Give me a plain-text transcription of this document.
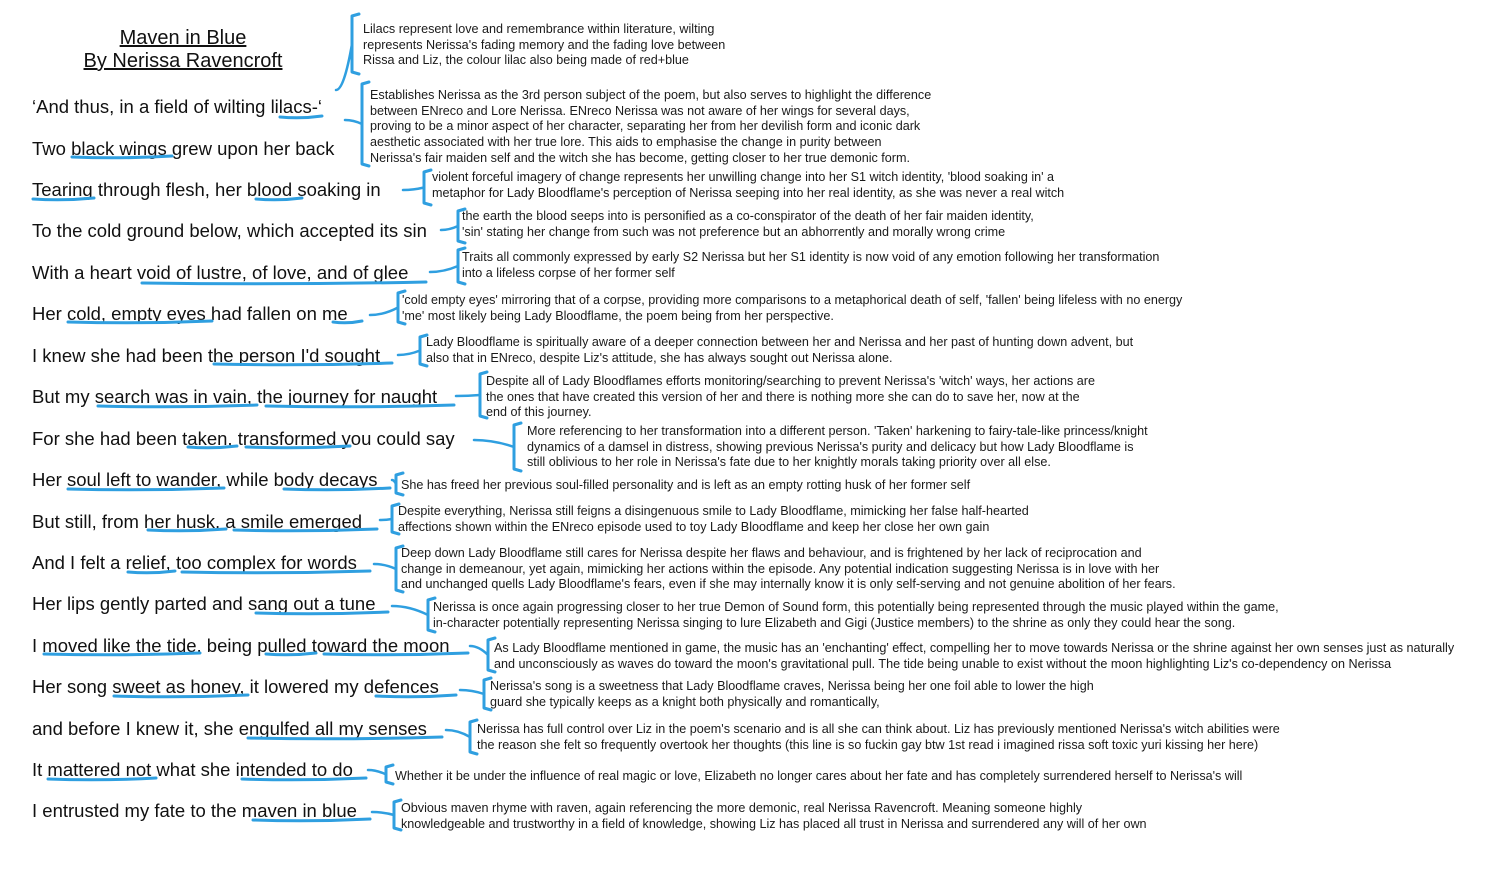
Maven in Blue
By Nerissa Ravencroft
‘And thus, in a field of wilting lilacs-‘
Two black wings grew upon her back
Tearing through flesh, her blood soaking in
To the cold ground below, which accepted its sin
With a heart void of lustre, of love, and of glee
Her cold, empty eyes had fallen on me
I knew she had been the person I'd sought
But my search was in vain, the journey for naught
For she had been taken, transformed you could say
Her soul left to wander, while body decays
But still, from her husk, a smile emerged
And I felt a relief, too complex for words
Her lips gently parted and sang out a tune
I moved like the tide, being pulled toward the moon
Her song sweet as honey, it lowered my defences
and before I knew it, she engulfed all my senses
It mattered not what she intended to do
I entrusted my fate to the maven in blue
Lilacs represent love and remembrance within literature, wilting
represents Nerissa's fading memory and the fading love between
Rissa and Liz, the colour lilac also being made of red+blue
Establishes Nerissa as the 3rd person subject of the poem, but also serves to highlight the difference
between ENreco and Lore Nerissa. ENreco Nerissa was not aware of her wings for several days,
proving to be a minor aspect of her character, separating her from her devilish form and iconic dark
aesthetic associated with her true lore. This aids to emphasise the change in purity between
Nerissa's fair maiden self and the witch she has become, getting closer to her true demonic form.
violent forceful imagery of change represents her unwilling change into her S1 witch identity, 'blood soaking in' a
metaphor for Lady Bloodflame's perception of Nerissa seeping into her real identity, as she was never a real witch
the earth the blood seeps into is personified as a co-conspirator of the death of her fair maiden identity,
'sin' stating her change from such was not preference but an abhorrently and morally wrong crime
Traits all commonly expressed by early S2 Nerissa but her S1 identity is now void of any emotion following her transformation
into a lifeless corpse of her former self
'cold empty eyes' mirroring that of a corpse, providing more comparisons to a metaphorical death of self, 'fallen' being lifeless with no energy
'me' most likely being Lady Bloodflame, the poem being from her perspective.
Lady Bloodflame is spiritually aware of a deeper connection between her and Nerissa and her past of hunting down advent, but
also that in ENreco, despite Liz's attitude, she has always sought out Nerissa alone.
Despite all of Lady Bloodflames efforts monitoring/searching to prevent Nerissa's 'witch' ways, her actions are
the ones that have created this version of her and there is nothing more she can do to save her, now at the
end of this journey.
More referencing to her transformation into a different person. 'Taken' harkening to fairy-tale-like princess/knight
dynamics of a damsel in distress, showing previous Nerissa's purity and delicacy but how Lady Bloodflame is
still oblivious to her role in Nerissa's fate due to her knightly morals taking priority over all else.
She has freed her previous soul-filled personality and is left as an empty rotting husk of her former self
Despite everything, Nerissa still feigns a disingenuous smile to Lady Bloodflame, mimicking her false half-hearted
affections shown within the ENreco episode used to toy Lady Bloodflame and keep her close her own gain
Deep down Lady Bloodflame still cares for Nerissa despite her flaws and behaviour, and is frightened by her lack of reciprocation and
change in demeanour, yet again, mimicking her actions within the episode. Any potential indication suggesting Nerissa is in love with her
and unchanged quells Lady Bloodflame's fears, even if she may internally know it is only self-serving and not genuine abolition of her fears.
Nerissa is once again progressing closer to her true Demon of Sound form, this potentially being represented through the music played within the game,
in-character potentially representing Nerissa singing to lure Elizabeth and Gigi (Justice members) to the shrine as only they could hear the song.
As Lady Bloodflame mentioned in game, the music has an 'enchanting' effect, compelling her to move towards Nerissa or the shrine against her own senses just as naturally
and unconsciously as waves do toward the moon's gravitational pull. The tide being unable to exist without the moon highlighting Liz's co-dependency on Nerissa
Nerissa's song is a sweetness that Lady Bloodflame craves, Nerissa being her one foil able to lower the high
guard she typically keeps as a knight both physically and romantically,
Nerissa has full control over Liz in the poem's scenario and is all she can think about. Liz has previously mentioned Nerissa's witch abilities were
the reason she felt so frequently overtook her thoughts (this line is so fuckin gay btw 1st read i imagined rissa soft toxic yuri kissing her here)
Whether it be under the influence of real magic or love, Elizabeth no longer cares about her fate and has completely surrendered herself to Nerissa's will
Obvious maven rhyme with raven, again referencing the more demonic, real Nerissa Ravencroft. Meaning someone highly
knowledgeable and trustworthy in a field of knowledge, showing Liz has placed all trust in Nerissa and surrendered any will of her own
